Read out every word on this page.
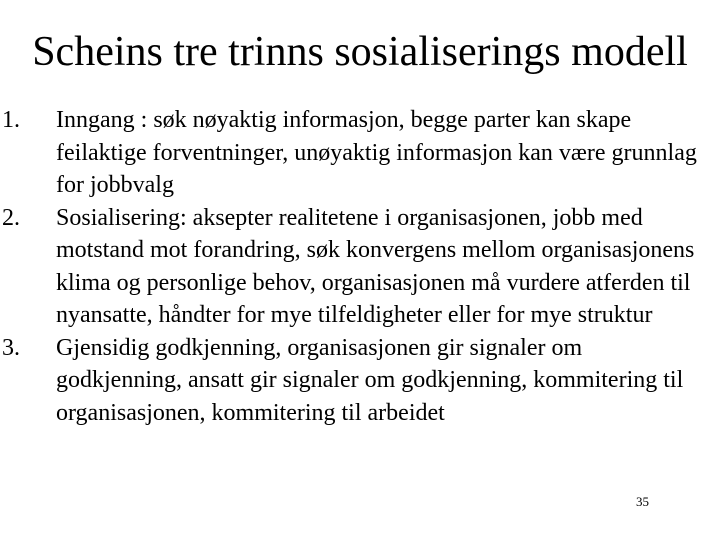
Scheins tre trinns sosialiserings modell
1.	Inngang : søk nøyaktig informasjon, begge parter kan skape feilaktige forventninger, unøyaktig informasjon kan være grunnlag for jobbvalg
2.	Sosialisering: aksepter realitetene i organisasjonen, jobb med motstand mot forandring, søk konvergens mellom organisasjonens klima og personlige behov, organisasjonen må vurdere atferden til nyansatte, håndter for mye tilfeldigheter eller for mye struktur
3.	Gjensidig godkjenning, organisasjonen gir signaler om godkjenning, ansatt gir signaler om godkjenning, kommitering til organisasjonen, kommitering til arbeidet
35
